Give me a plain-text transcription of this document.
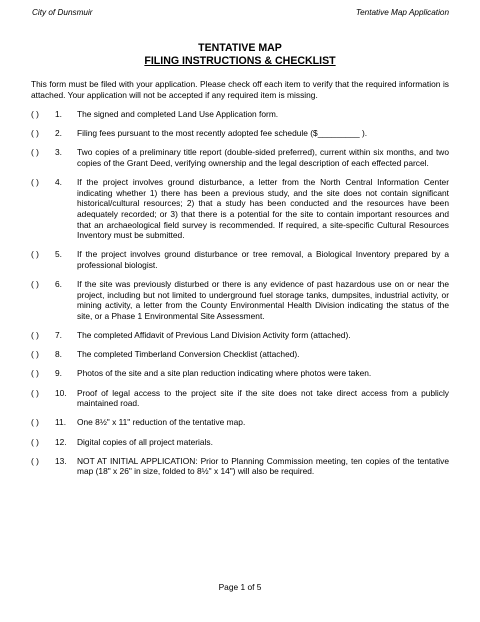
City of Dunsmuir	Tentative Map Application
TENTATIVE MAP
FILING INSTRUCTIONS & CHECKLIST
This form must be filed with your application. Please check off each item to verify that the required information is attached. Your application will not be accepted if any required item is missing.
( )	1.	The signed and completed Land Use Application form.
( )	2.	Filing fees pursuant to the most recently adopted fee schedule ($_________ ).
( )	3.	Two copies of a preliminary title report (double-sided preferred), current within six months, and two copies of the Grant Deed, verifying ownership and the legal description of each effected parcel.
( )	4.	If the project involves ground disturbance, a letter from the North Central Information Center indicating whether 1) there has been a previous study, and the site does not contain significant historical/cultural resources; 2) that a study has been conducted and the resources have been adequately recorded; or 3) that there is a potential for the site to contain important resources and that an archaeological field survey is recommended. If required, a site-specific Cultural Resources Inventory must be submitted.
( )	5.	If the project involves ground disturbance or tree removal, a Biological Inventory prepared by a professional biologist.
( )	6.	If the site was previously disturbed or there is any evidence of past hazardous use on or near the project, including but not limited to underground fuel storage tanks, dumpsites, industrial activity, or mining activity, a letter from the County Environmental Health Division indicating the status of the site, or a Phase 1 Environmental Site Assessment.
( )	7.	The completed Affidavit of Previous Land Division Activity form (attached).
( )	8.	The completed Timberland Conversion Checklist (attached).
( )	9.	Photos of the site and a site plan reduction indicating where photos were taken.
( )	10.	Proof of legal access to the project site if the site does not take direct access from a publicly maintained road.
( )	11.	One 8½" x 11" reduction of the tentative map.
( )	12.	Digital copies of all project materials.
( )	13.	NOT AT INITIAL APPLICATION: Prior to Planning Commission meeting, ten copies of the tentative map (18" x 26" in size, folded to 8½" x 14") will also be required.
Page 1 of 5
